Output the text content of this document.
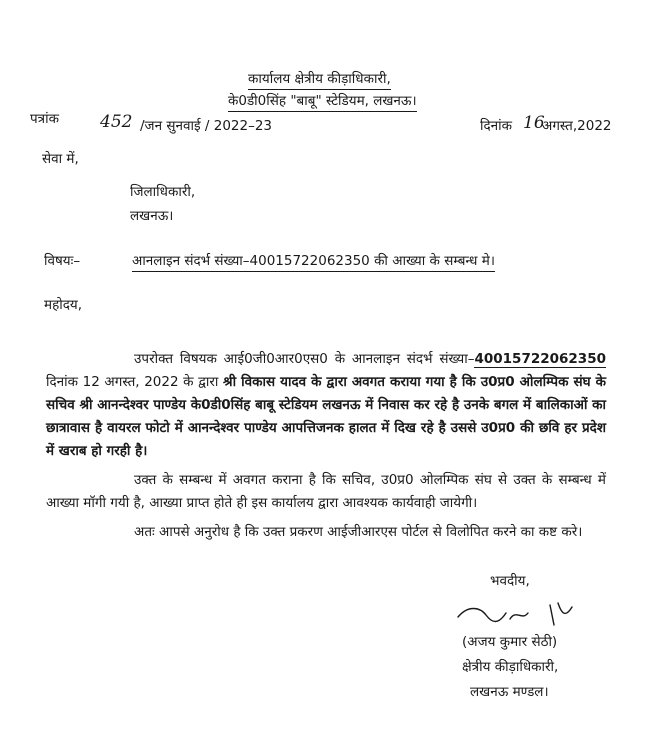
कार्यालय क्षेत्रीय कीड़ाधिकारी,
के0डी0सिंह "बाबू" स्टेडियम, लखनऊ।
पत्रांक 452 /जन सुनवाई / 2022–23	दिनांक 16
अगस्त,2022
सेवा में,
जिलाधिकारी,
लखनऊ।
विषयः–	आनलाइन संदर्भ संख्या–40015722062350 की आख्या के सम्बन्ध मे।
महोदय,

उपरोक्त विषयक आई0जी0आर0एस0 के आनलाइन संदर्भ संख्या–40015722062350 दिनांक 12 अगस्त, 2022 के द्वारा श्री विकास यादव के द्वारा अवगत कराया गया है कि उ0प्र0 ओलम्पिक संघ के सचिव श्री आनन्देश्वर पाण्डेय के0डी0सिंह बाबू स्टेडियम लखनऊ में निवास कर रहे है उनके बगल में बालिकाओं का छात्रावास है वायरल फोटो में आनन्देश्वर पाण्डेय आपत्तिजनक हालत में दिख रहे है उससे उ0प्र0 की छवि हर प्रदेश में खराब हो गरही है।

उक्त के सम्बन्ध में अवगत कराना है कि सचिव, उ0प्र0 ओलम्पिक संघ से उक्त के सम्बन्ध में आख्या मॉगी गयी है, आख्या प्राप्त होते ही इस कार्यालय द्वारा आवश्यक कार्यवाही जायेगी।

अतः आपसे अनुरोध है कि उक्त प्रकरण आईजीआरएस पोर्टल से विलोपित करने का कष्ट करे।

भवदीय,
(अजय कुमार सेठी)
क्षेत्रीय कीड़ाधिकारी,
लखनऊ मण्डल।
